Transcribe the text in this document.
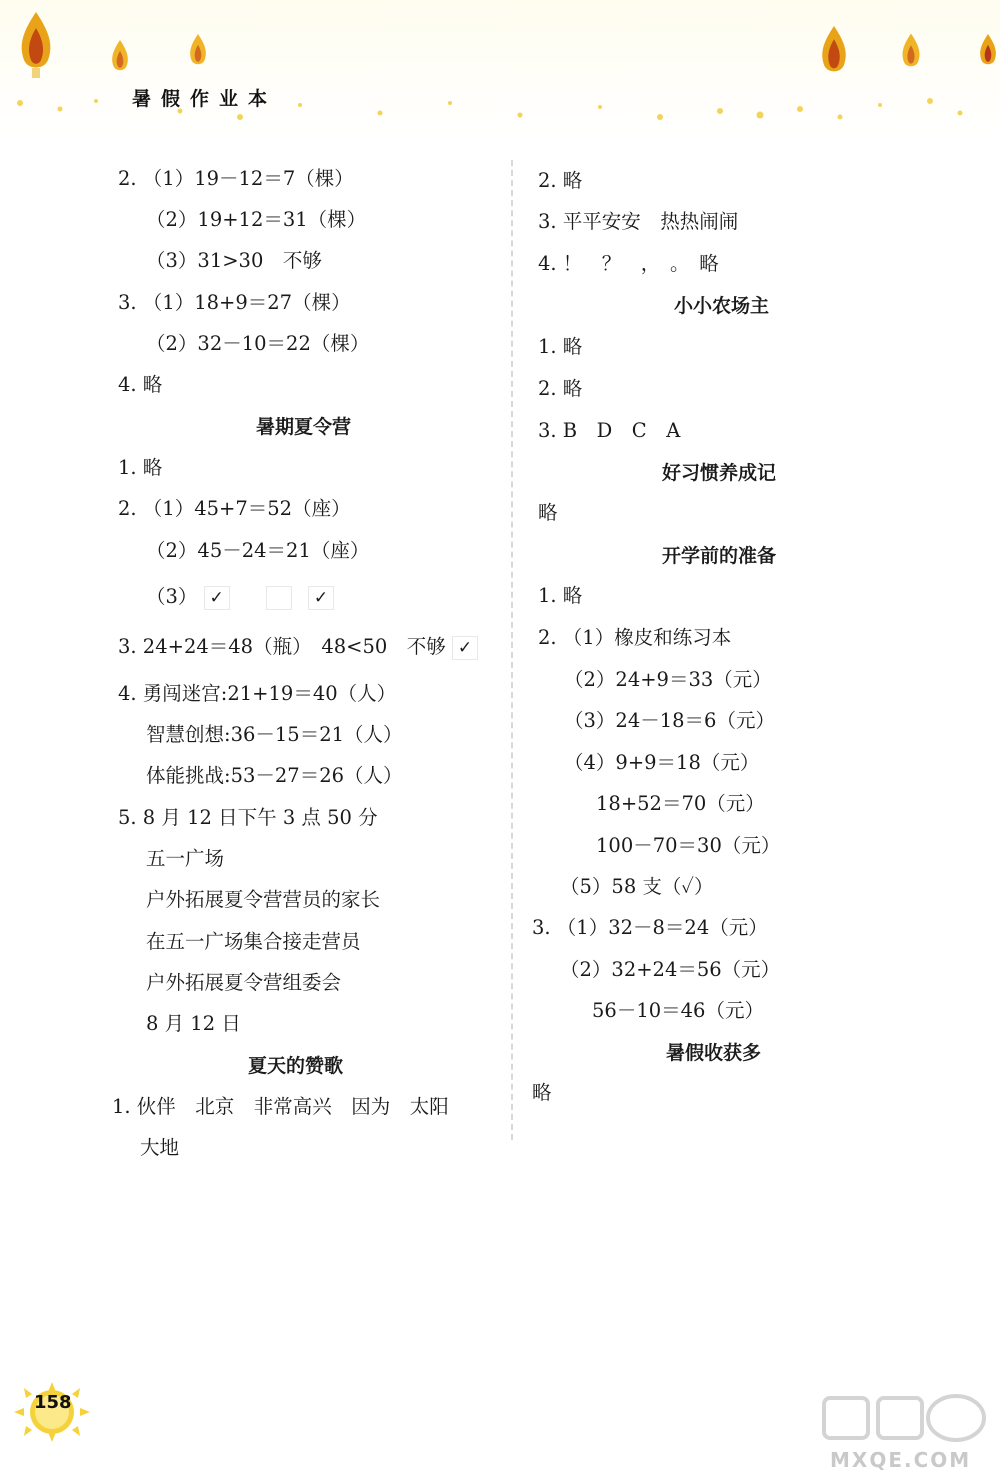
暑假作业本
2. （1）19－12＝7（棵）
（2）19+12＝31（棵）
（3）31>30　不够
3. （1）18+9＝27（棵）
（2）32－10＝22（棵）
4. 略
暑期夏令营
1. 略
2. （1）45+7＝52（座）
（2）45－24＝21（座）
（3） ✓	✓
3. 24+24＝48（瓶）　48<50　不够 ✓
4. 勇闯迷宫:21+19＝40（人）
智慧创想:36－15＝21（人）
体能挑战:53－27＝26（人）
5. 8 月 12 日下午 3 点 50 分
五一广场
户外拓展夏令营营员的家长
在五一广场集合接走营员
户外拓展夏令营组委会
8 月 12 日
夏天的赞歌
1. 伙伴　北京　非常高兴　因为　太阳
大地
2. 略
3. 平平安安　热热闹闹
4. ！　？　，　。　略
小小农场主
1. 略
2. 略
3. B　D　C　A
好习惯养成记
略
开学前的准备
1. 略
2. （1）橡皮和练习本
（2）24+9＝33（元）
（3）24－18＝6（元）
（4）9+9＝18（元）
18+52＝70（元）
100－70＝30（元）
（5）58 支（✓）
3. （1）32－8＝24（元）
（2）32+24＝56（元）
56－10＝46（元）
暑假收获多
略
158
MXQE.COM
